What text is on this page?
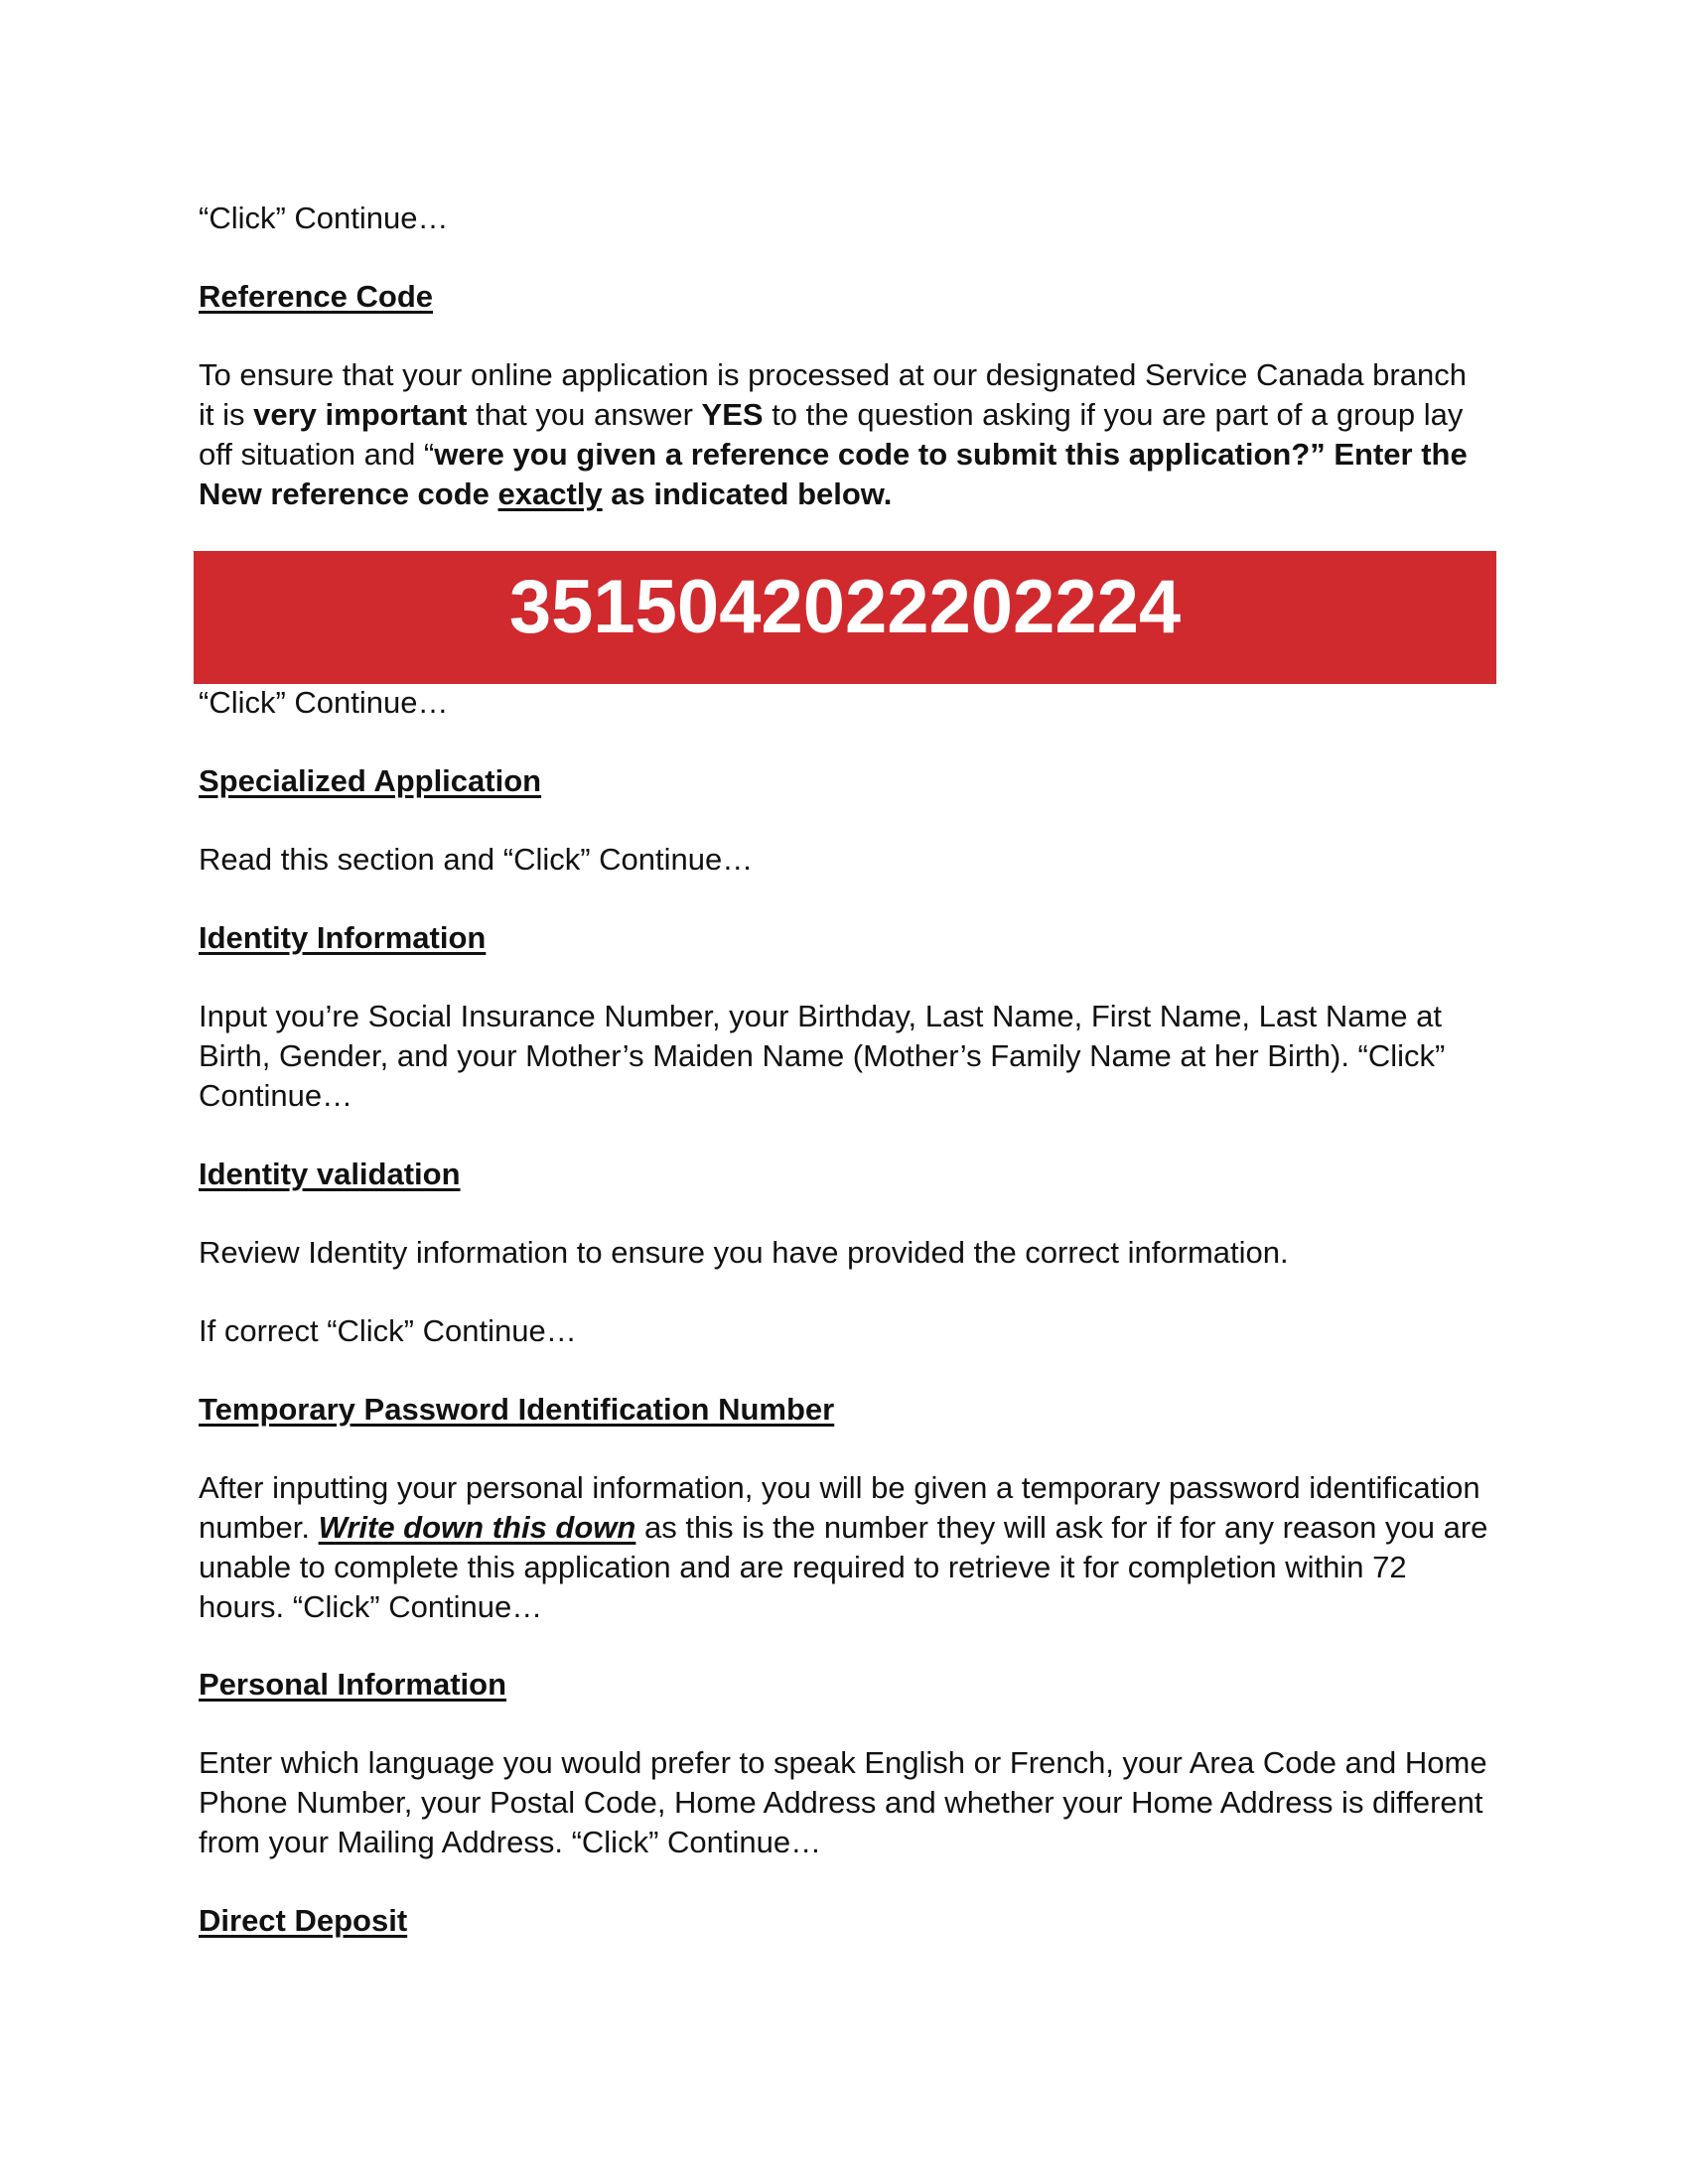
“Click” Continue…

Reference Code

To ensure that your online application is processed at our designated Service Canada branch it is very important that you answer YES to the question asking if you are part of a group lay off situation and “were you given a reference code to submit this application?” Enter the New reference code exactly as indicated below.

3515042022202224

“Click” Continue…

Specialized Application

Read this section and “Click” Continue…

Identity Information

Input you’re Social Insurance Number, your Birthday, Last Name, First Name, Last Name at Birth, Gender, and your Mother’s Maiden Name (Mother’s Family Name at her Birth). “Click” Continue…

Identity validation

Review Identity information to ensure you have provided the correct information.

If correct “Click” Continue…

Temporary Password Identification Number

After inputting your personal information, you will be given a temporary password identification number. Write down this down as this is the number they will ask for if for any reason you are unable to complete this application and are required to retrieve it for completion within 72 hours. “Click” Continue…

Personal Information

Enter which language you would prefer to speak English or French, your Area Code and Home Phone Number, your Postal Code, Home Address and whether your Home Address is different from your Mailing Address. “Click” Continue…

Direct Deposit
